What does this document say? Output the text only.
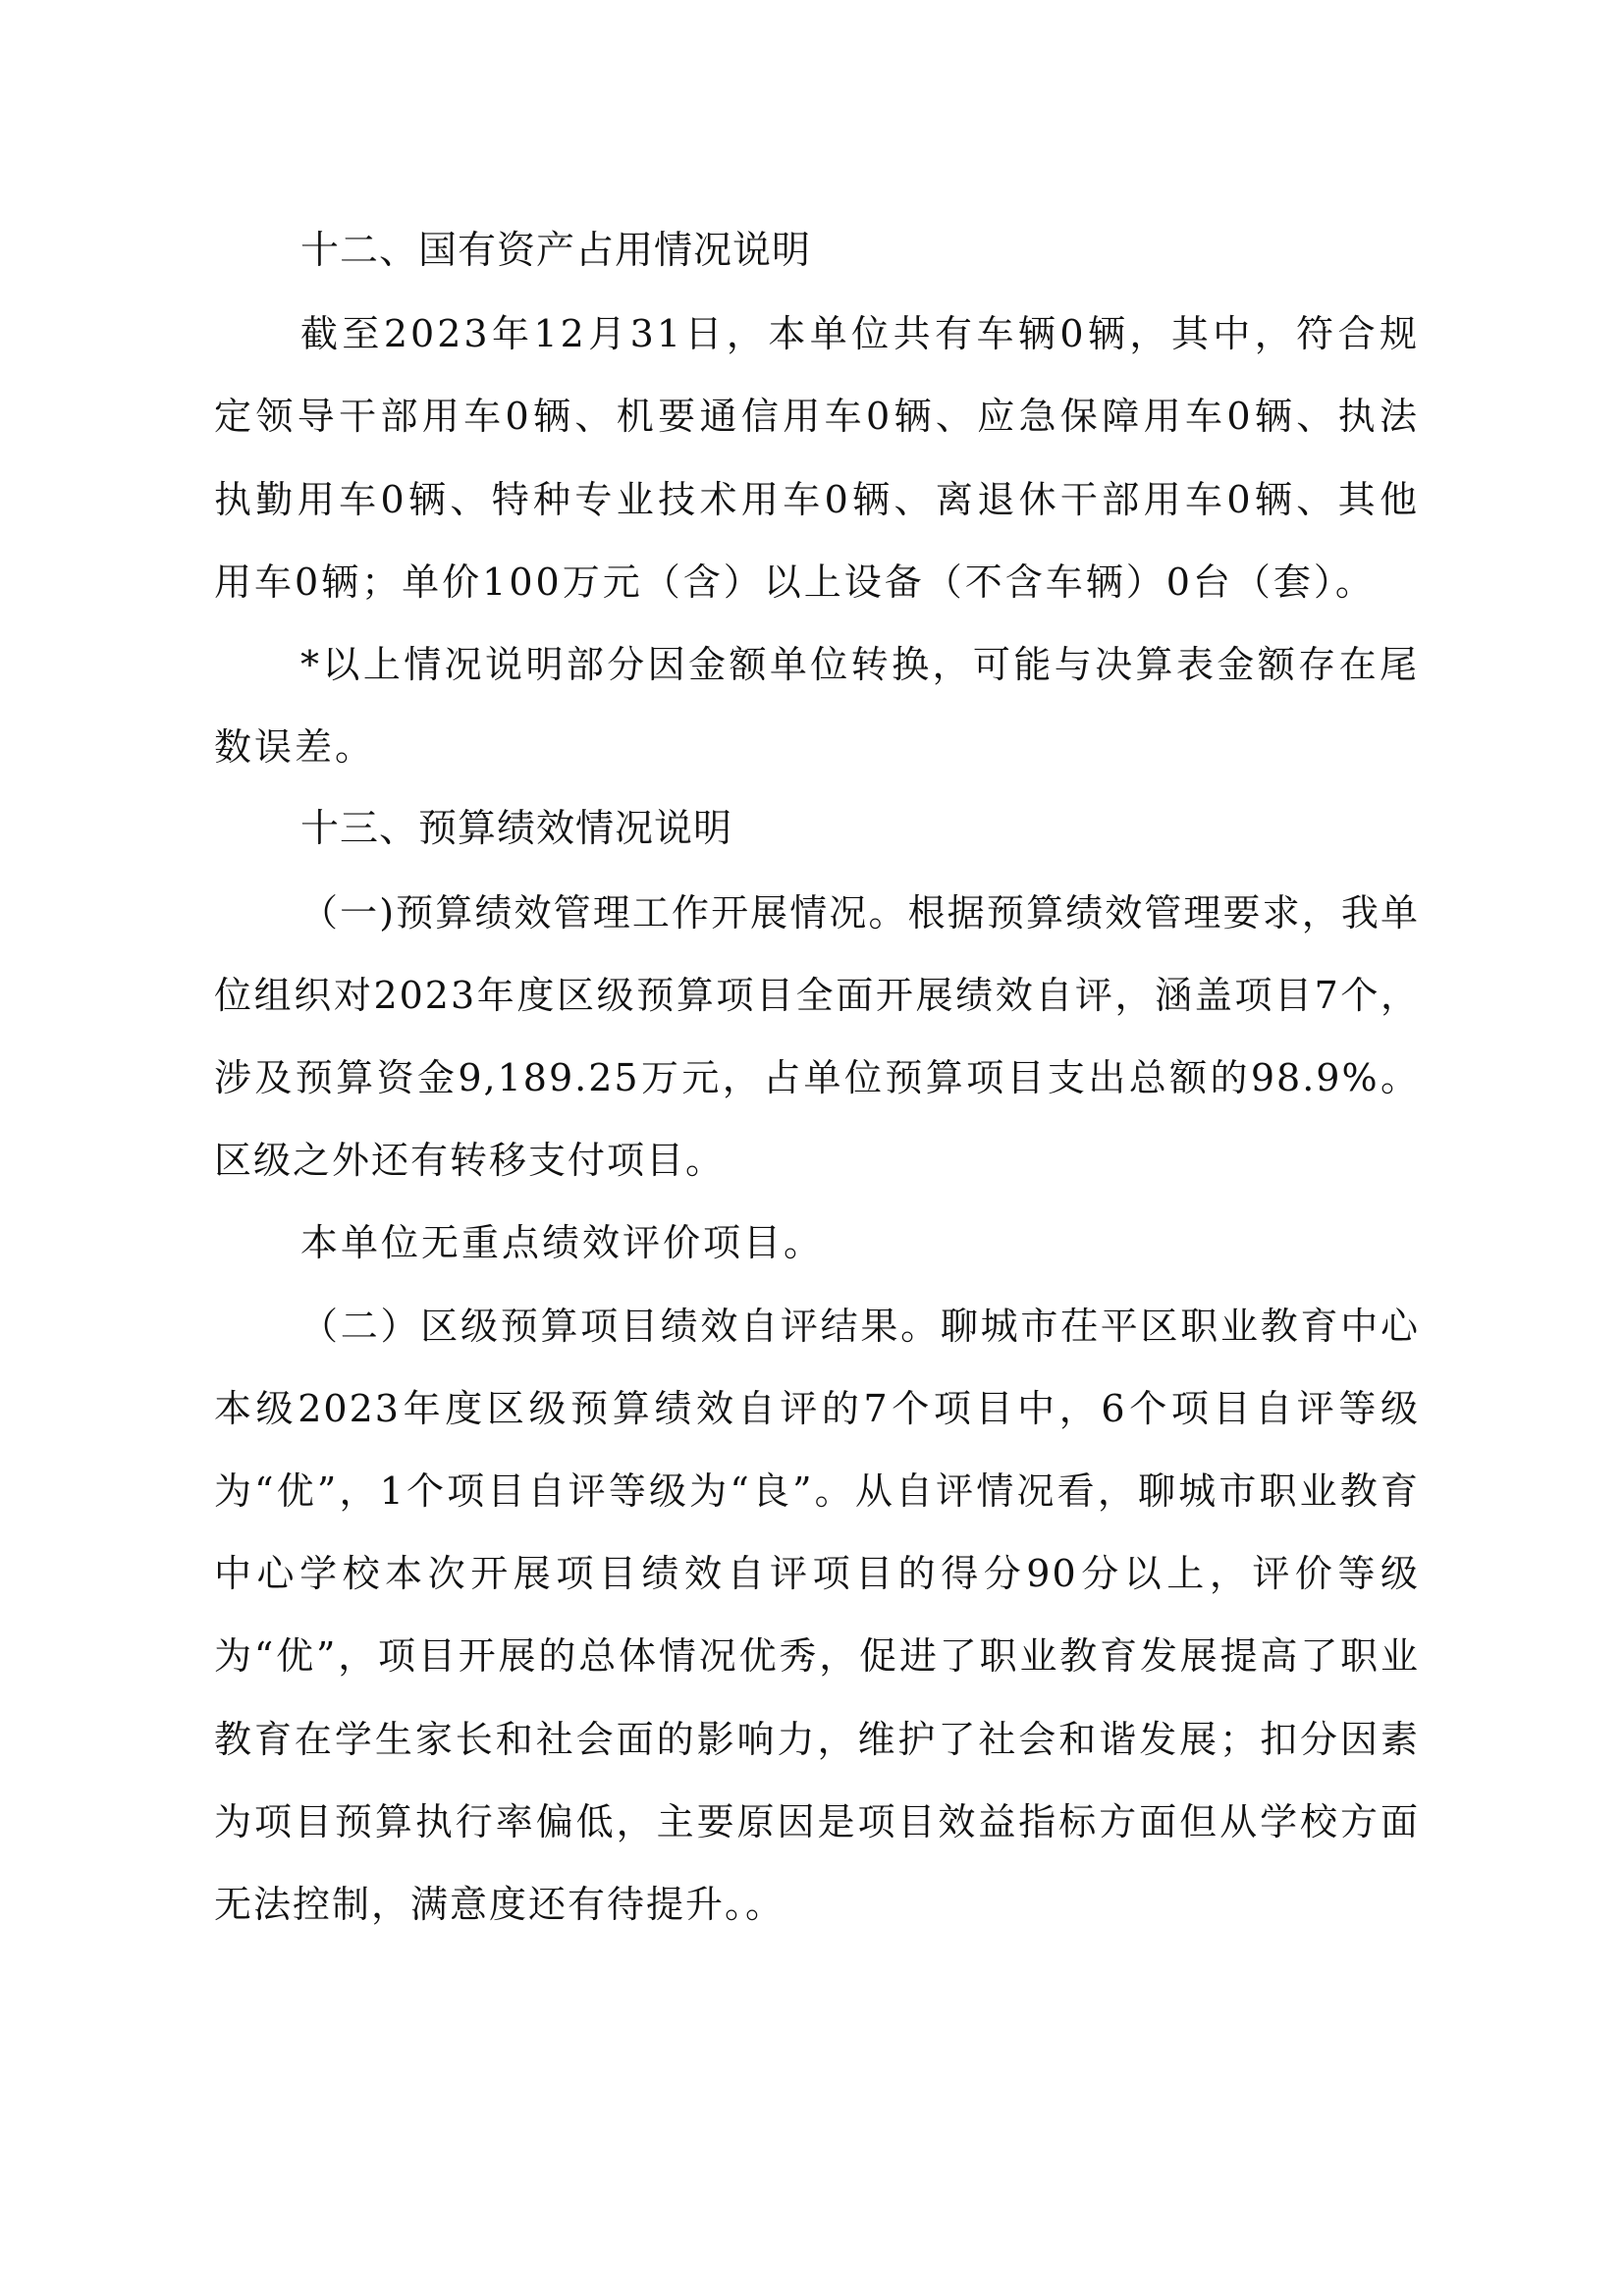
十二、国有资产占用情况说明

截至2023年12月31日，本单位共有车辆0辆，其中，符合规定领导干部用车0辆、机要通信用车0辆、应急保障用车0辆、执法执勤用车0辆、特种专业技术用车0辆、离退休干部用车0辆、其他用车0辆；单价100万元（含）以上设备（不含车辆）0台（套）。

*以上情况说明部分因金额单位转换，可能与决算表金额存在尾数误差。

十三、预算绩效情况说明

（一)预算绩效管理工作开展情况。根据预算绩效管理要求，我单位组织对2023年度区级预算项目全面开展绩效自评，涵盖项目7个，涉及预算资金9,189.25万元，占单位预算项目支出总额的98.9%。区级之外还有转移支付项目。

本单位无重点绩效评价项目。

（二）区级预算项目绩效自评结果。聊城市茌平区职业教育中心本级2023年度区级预算绩效自评的7个项目中，6个项目自评等级为“优”，1个项目自评等级为“良”。从自评情况看，聊城市职业教育中心学校本次开展项目绩效自评项目的得分90分以上，评价等级为“优”，项目开展的总体情况优秀，促进了职业教育发展提高了职业教育在学生家长和社会面的影响力，维护了社会和谐发展；扣分因素为项目预算执行率偏低，主要原因是项目效益指标方面但从学校方面无法控制，满意度还有待提升。。
